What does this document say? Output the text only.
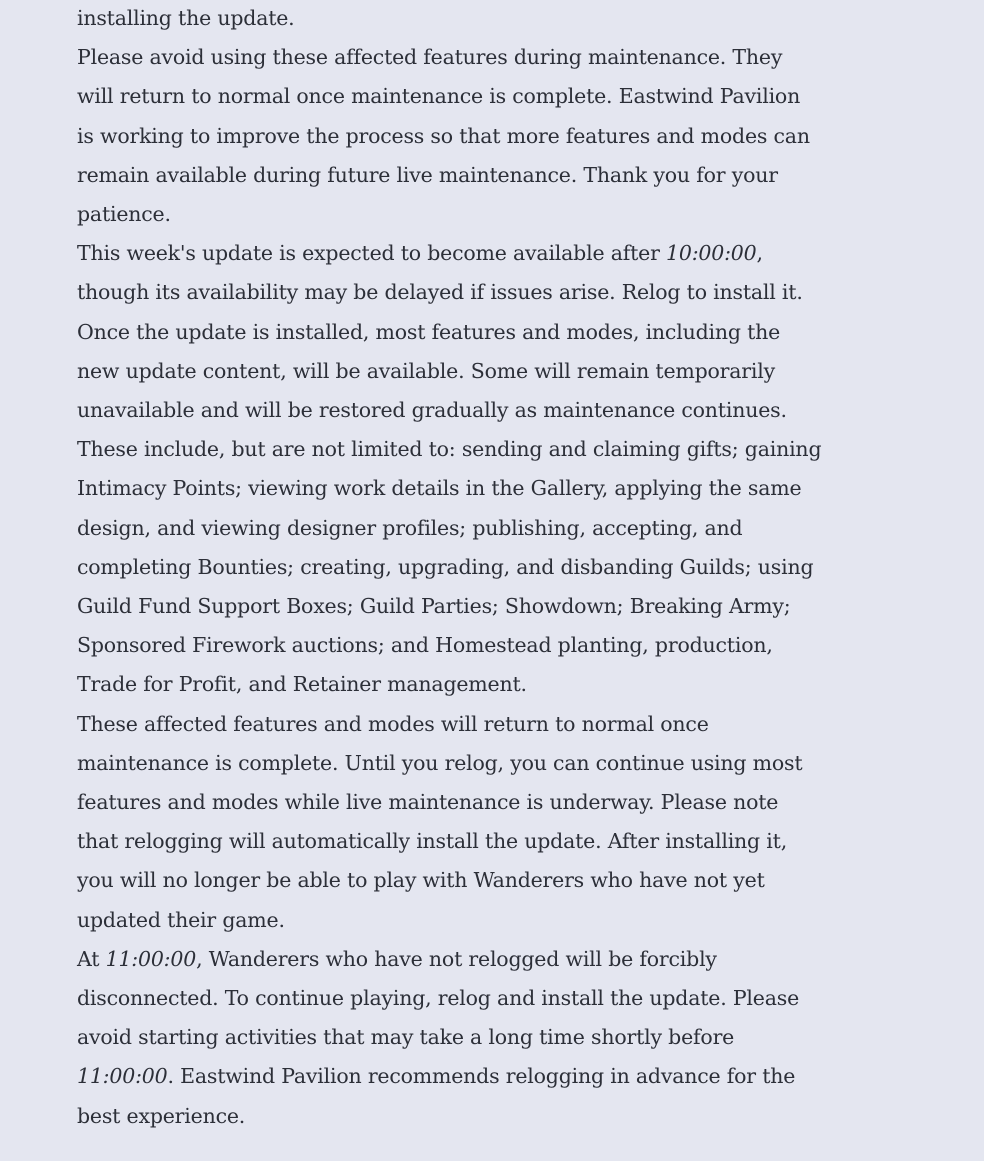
installing the update.

Please avoid using these affected features during maintenance. They will return to normal once maintenance is complete. Eastwind Pavilion is working to improve the process so that more features and modes can remain available during future live maintenance. Thank you for your patience.

This week's update is expected to become available after 10:00:00, though its availability may be delayed if issues arise. Relog to install it.

Once the update is installed, most features and modes, including the new update content, will be available. Some will remain temporarily unavailable and will be restored gradually as maintenance continues. These include, but are not limited to: sending and claiming gifts; gaining Intimacy Points; viewing work details in the Gallery, applying the same design, and viewing designer profiles; publishing, accepting, and completing Bounties; creating, upgrading, and disbanding Guilds; using Guild Fund Support Boxes; Guild Parties; Showdown; Breaking Army; Sponsored Firework auctions; and Homestead planting, production, Trade for Profit, and Retainer management.

These affected features and modes will return to normal once maintenance is complete. Until you relog, you can continue using most features and modes while live maintenance is underway. Please note that relogging will automatically install the update. After installing it, you will no longer be able to play with Wanderers who have not yet updated their game.

At 11:00:00, Wanderers who have not relogged will be forcibly disconnected. To continue playing, relog and install the update. Please avoid starting activities that may take a long time shortly before 11:00:00. Eastwind Pavilion recommends relogging in advance for the best experience.
